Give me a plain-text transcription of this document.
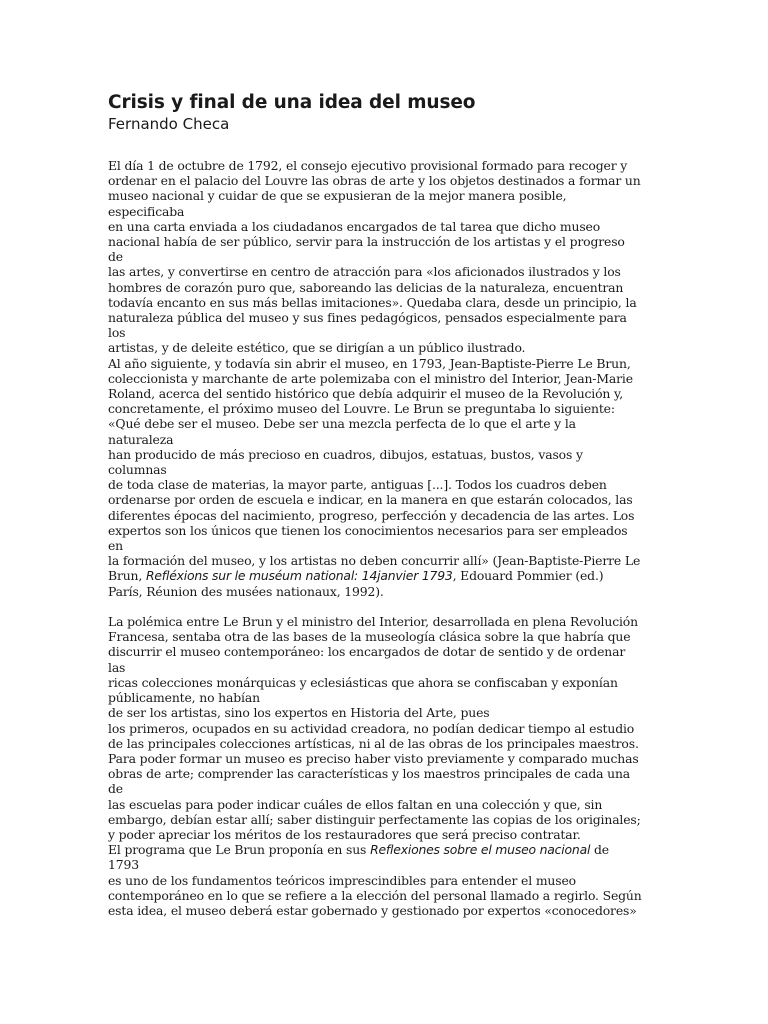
Crisis y final de una idea del museo
Fernando Checa
El día 1 de octubre de 1792, el consejo ejecutivo provisional formado para recoger y
ordenar en el palacio del Louvre las obras de arte y los objetos destinados a formar un
museo nacional y cuidar de que se expusieran de la mejor manera posible,
especificaba
en una carta enviada a los ciudadanos encargados de tal tarea que dicho museo
nacional había de ser público, servir para la instrucción de los artistas y el progreso
de
las artes, y convertirse en centro de atracción para «los aficionados ilustrados y los
hombres de corazón puro que, saboreando las delicias de la naturaleza, encuentran
todavía encanto en sus más bellas imitaciones». Quedaba clara, desde un principio, la
naturaleza pública del museo y sus fines pedagógicos, pensados especialmente para
los
artistas, y de deleite estético, que se dirigían a un público ilustrado.
Al año siguiente, y todavía sin abrir el museo, en 1793, Jean-Baptiste-Pierre Le Brun,
coleccionista y marchante de arte polemizaba con el ministro del Interior, Jean-Marie
Roland, acerca del sentido histórico que debía adquirir el museo de la Revolución y,
concretamente, el próximo museo del Louvre. Le Brun se preguntaba lo siguiente:
«Qué debe ser el museo. Debe ser una mezcla perfecta de lo que el arte y la
naturaleza
han producido de más precioso en cuadros, dibujos, estatuas, bustos, vasos y
columnas
de toda clase de materias, la mayor parte, antiguas [...]. Todos los cuadros deben
ordenarse por orden de escuela e indicar, en la manera en que estarán colocados, las
diferentes épocas del nacimiento, progreso, perfección y decadencia de las artes. Los
expertos son los únicos que tienen los conocimientos necesarios para ser empleados
en
la formación del museo, y los artistas no deben concurrir allí» (Jean-Baptiste-Pierre Le
Brun, Refléxions sur le muséum national: 14janvier 1793, Edouard Pommier (ed.)
París, Réunion des musées nationaux, 1992).
La polémica entre Le Brun y el ministro del Interior, desarrollada en plena Revolución
Francesa, sentaba otra de las bases de la museología clásica sobre la que habría que
discurrir el museo contemporáneo: los encargados de dotar de sentido y de ordenar
las
ricas colecciones monárquicas y eclesiásticas que ahora se confiscaban y exponían
públicamente, no habían
de ser los artistas, sino los expertos en Historia del Arte, pues
los primeros, ocupados en su actividad creadora, no podían dedicar tiempo al estudio
de las principales colecciones artísticas, ni al de las obras de los principales maestros.
Para poder formar un museo es preciso haber visto previamente y comparado muchas
obras de arte; comprender las características y los maestros principales de cada una
de
las escuelas para poder indicar cuáles de ellos faltan en una colección y que, sin
embargo, debían estar allí; saber distinguir perfectamente las copias de los originales;
y poder apreciar los méritos de los restauradores que será preciso contratar.
El programa que Le Brun proponía en sus Reflexiones sobre el museo nacional de
1793
es uno de los fundamentos teóricos imprescindibles para entender el museo
contemporáneo en lo que se refiere a la elección del personal llamado a regirlo. Según
esta idea, el museo deberá estar gobernado y gestionado por expertos «conocedores»
